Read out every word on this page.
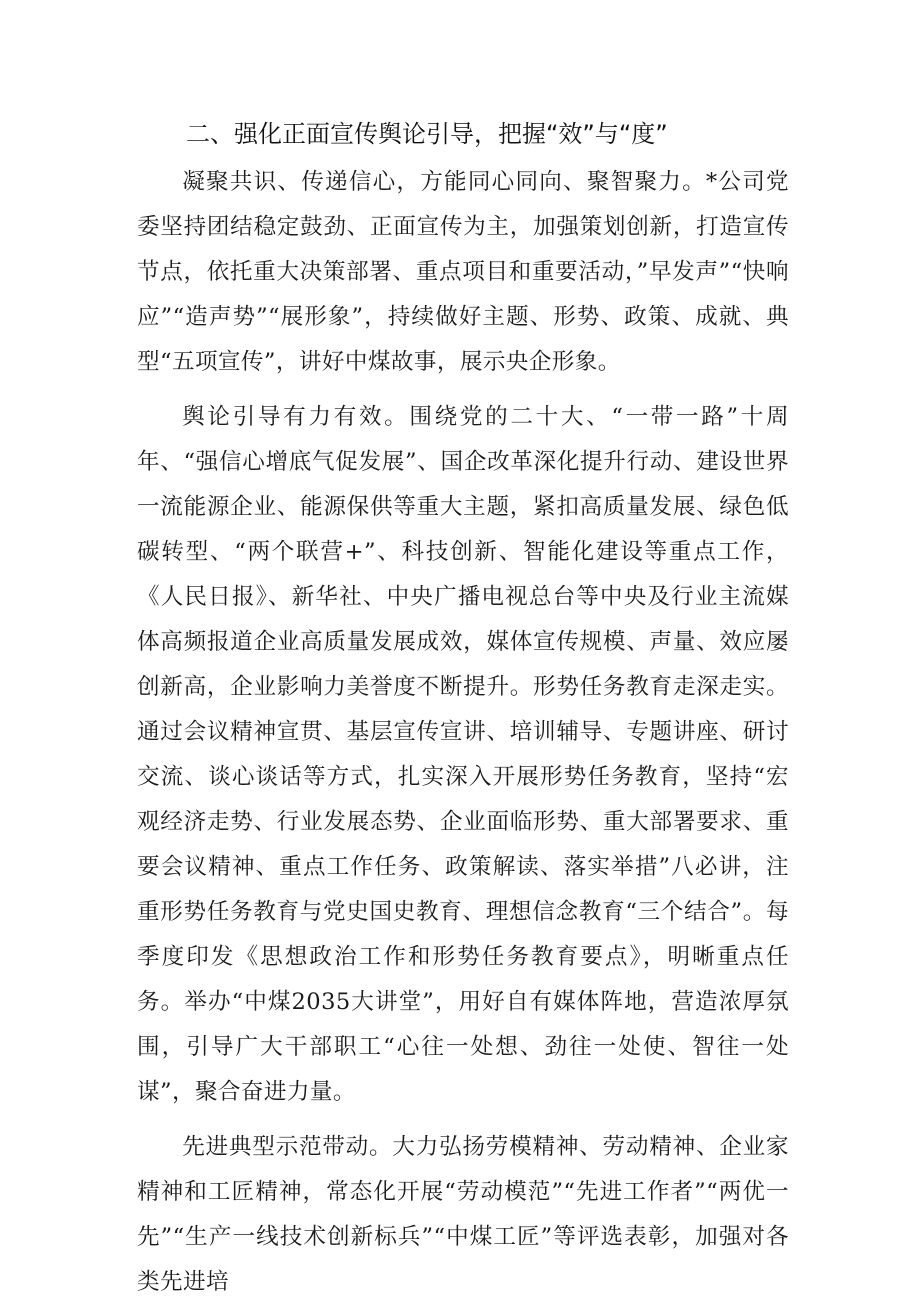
二、强化正面宣传舆论引导，把握“效”与“度”

凝聚共识、传递信心，方能同心同向、聚智聚力。*公司党委坚持团结稳定鼓劲、正面宣传为主，加强策划创新，打造宣传节点，依托重大决策部署、重点项目和重要活动，”早发声”“快响应”“造声势”“展形象”，持续做好主题、形势、政策、成就、典型“五项宣传”，讲好中煤故事，展示央企形象。

舆论引导有力有效。围绕党的二十大、“一带一路”十周年、“强信心增底气促发展”、国企改革深化提升行动、建设世界一流能源企业、能源保供等重大主题，紧扣高质量发展、绿色低碳转型、“两个联营+”、科技创新、智能化建设等重点工作，《人民日报》、新华社、中央广播电视总台等中央及行业主流媒体高频报道企业高质量发展成效，媒体宣传规模、声量、效应屡创新高，企业影响力美誉度不断提升。形势任务教育走深走实。通过会议精神宣贯、基层宣传宣讲、培训辅导、专题讲座、研讨交流、谈心谈话等方式，扎实深入开展形势任务教育，坚持“宏观经济走势、行业发展态势、企业面临形势、重大部署要求、重要会议精神、重点工作任务、政策解读、落实举措”八必讲，注重形势任务教育与党史国史教育、理想信念教育“三个结合”。每季度印发《思想政治工作和形势任务教育要点》，明晰重点任务。举办“中煤2035大讲堂”，用好自有媒体阵地，营造浓厚氛围，引导广大干部职工“心往一处想、劲往一处使、智往一处谋”，聚合奋进力量。

先进典型示范带动。大力弘扬劳模精神、劳动精神、企业家精神和工匠精神，常态化开展“劳动模范”“先进工作者”“两优一先”“生产一线技术创新标兵”“中煤工匠”等评选表彰，加强对各类先进培
